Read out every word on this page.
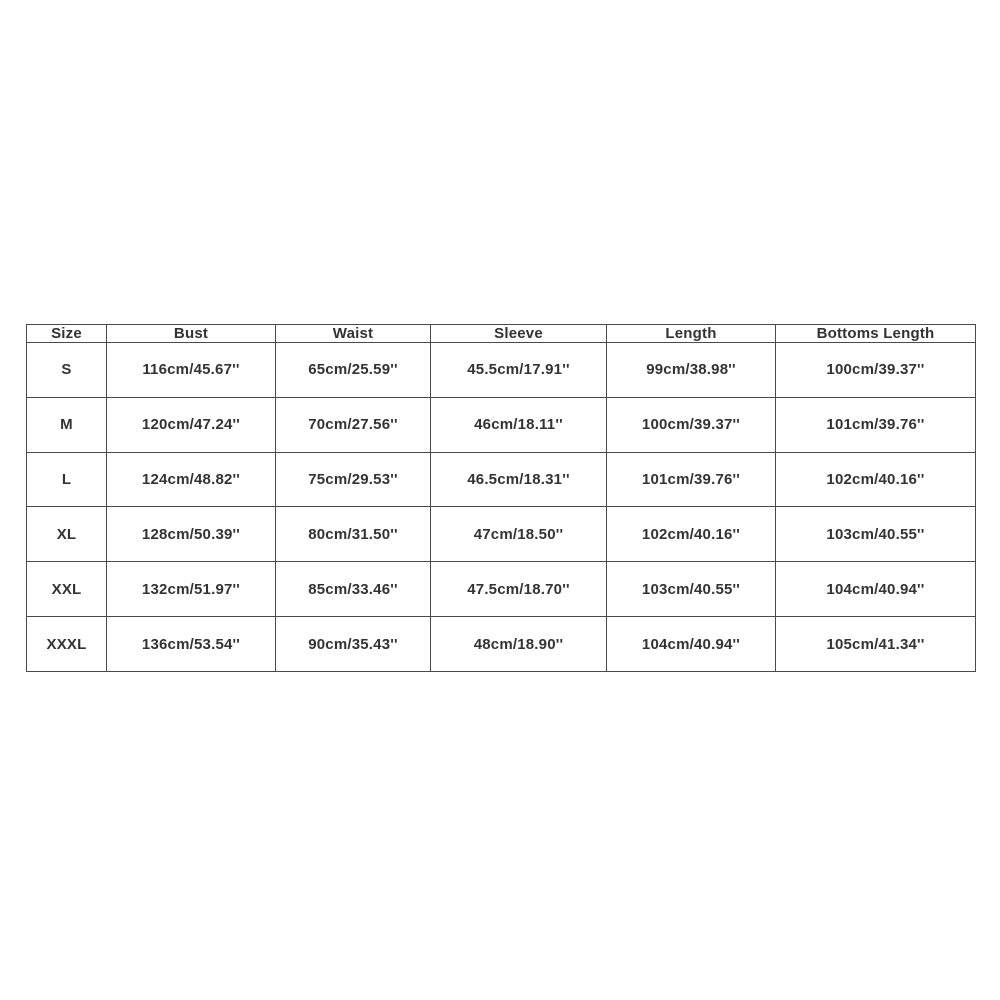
Size	Bust	Waist	Sleeve	Length	Bottoms Length
S	116cm/45.67''	65cm/25.59''	45.5cm/17.91''	99cm/38.98''	100cm/39.37''
M	120cm/47.24''	70cm/27.56''	46cm/18.11''	100cm/39.37''	101cm/39.76''
L	124cm/48.82''	75cm/29.53''	46.5cm/18.31''	101cm/39.76''	102cm/40.16''
XL	128cm/50.39''	80cm/31.50''	47cm/18.50''	102cm/40.16''	103cm/40.55''
XXL	132cm/51.97''	85cm/33.46''	47.5cm/18.70''	103cm/40.55''	104cm/40.94''
XXXL	136cm/53.54''	90cm/35.43''	48cm/18.90''	104cm/40.94''	105cm/41.34''
